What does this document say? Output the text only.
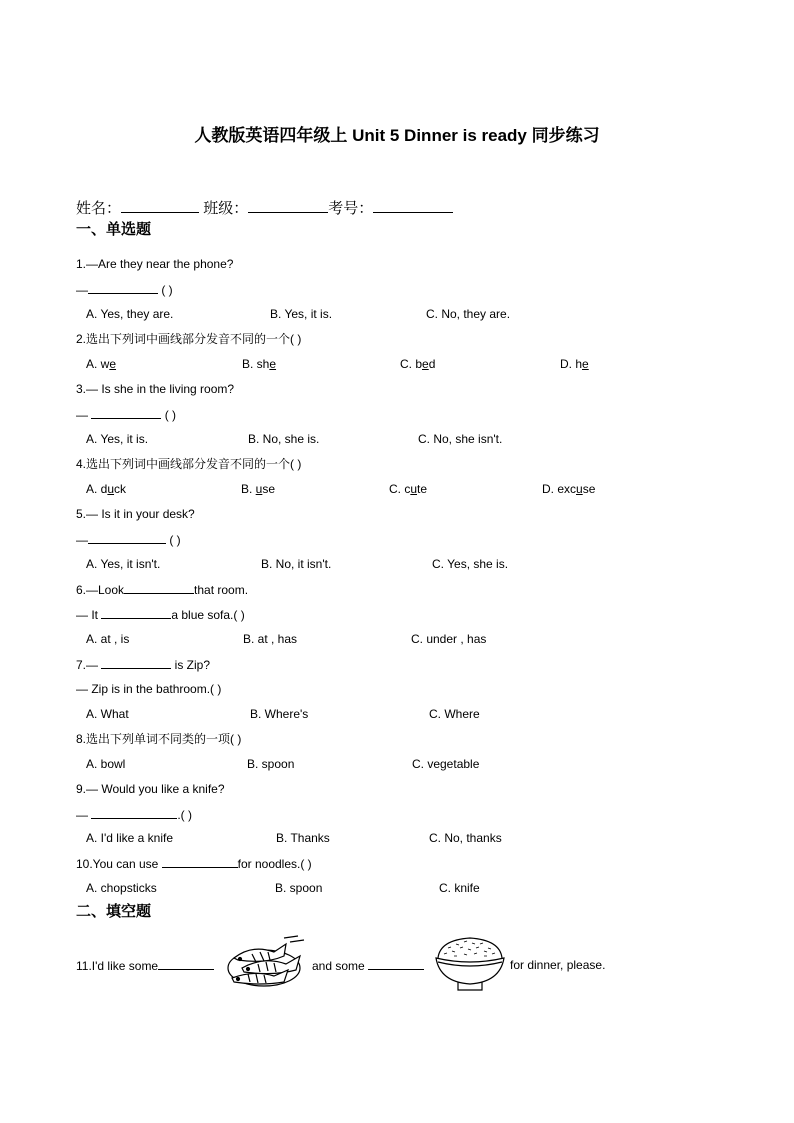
人教版英语四年级上 Unit 5 Dinner is ready 同步练习
姓名：	班级：	考号：
一、单选题
1.—Are they near the phone?
—	( )
A. Yes, they are.	B. Yes, it is.	C. No, they are.
2.选出下列词中画线部分发音不同的一个( )
A. we	B. she	C. bed	D. he
3.— Is she in the living room?
—	( )
A. Yes, it is.	B. No, she is.	C. No, she isn't.
4.选出下列词中画线部分发音不同的一个( )
A. duck	B. use	C. cute	D. excuse
5.— Is it in your desk?
—	( )
A. Yes, it isn't.	B. No, it isn't.	C. Yes, she is.
6.—Look	that room.
— It	a blue sofa.( )
A. at , is	B. at , has	C. under , has
7.—	is Zip?
— Zip is in the bathroom.( )
A. What	B. Where's	C. Where
8.选出下列单词不同类的一项( )
A. bowl	B. spoon	C. vegetable
9.— Would you like a knife?
—	.( )
A. I'd like a knife	B. Thanks	C. No, thanks
10.You can use	for noodles.( )
A. chopsticks	B. spoon	C. knife
二、填空题
11.I'd like some	and some	for dinner, please.
